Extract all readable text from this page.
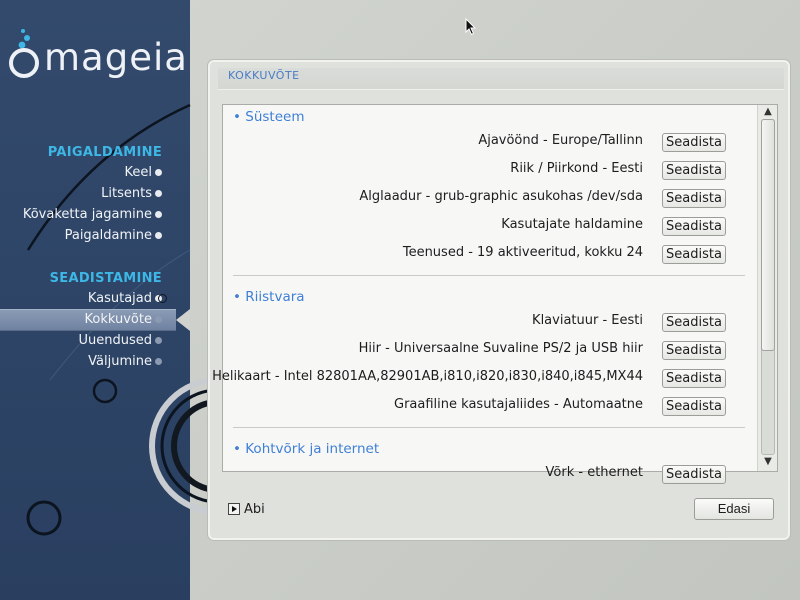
mageia
PAIGALDAMINE
Keel
Litsents
Kõvaketta jagamine
Paigaldamine
SEADISTAMINE
Kasutajad
Kokkuvõte
Uuendused
Väljumine
KOKKUVÕTE
• Süsteem
Ajavöönd - Europe/Tallinn	Seadista
Riik / Piirkond - Eesti	Seadista
Alglaadur - grub-graphic asukohas /dev/sda	Seadista
Kasutajate haldamine	Seadista
Teenused - 19 aktiveeritud, kokku 24	Seadista
• Riistvara
Klaviatuur - Eesti	Seadista
Hiir - Universaalne Suvaline PS/2 ja USB hiir	Seadista
Helikaart - Intel 82801AA,82901AB,i810,i820,i830,i840,i845,MX44	Seadista
Graafiline kasutajaliides - Automaatne	Seadista
• Kohtvõrk ja internet
Võrk - ethernet	Seadista
▲
▼
Abi	Edasi
